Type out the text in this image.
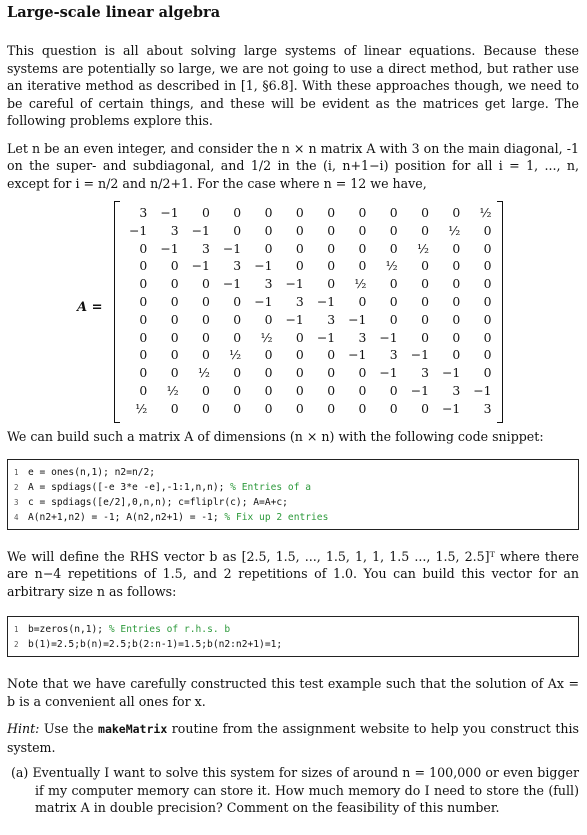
Large-scale linear algebra

This question is all about solving large systems of linear equations. Because these systems are potentially so large, we are not going to use a direct method, but rather use an iterative method as described in [1, §6.8]. With these approaches though, we need to be careful of certain things, and these will be evident as the matrices get large. The following problems explore this.

Let n be an even integer, and consider the n × n matrix A with 3 on the main diagonal, -1 on the super- and subdiagonal, and 1/2 in the (i, n+1−i) position for all i = 1, ..., n, except for i = n/2 and n/2+1. For the case where n = 12 we have,

A =
3	−1	0	0	0	0	0	0	0	0	0	½
−1	3	−1	0	0	0	0	0	0	0	½	0
0	−1	3	−1	0	0	0	0	0	½	0	0
0	0	−1	3	−1	0	0	0	½	0	0	0
0	0	0	−1	3	−1	0	½	0	0	0	0
0	0	0	0	−1	3	−1	0	0	0	0	0
0	0	0	0	0	−1	3	−1	0	0	0	0
0	0	0	0	½	0	−1	3	−1	0	0	0
0	0	0	½	0	0	0	−1	3	−1	0	0
0	0	½	0	0	0	0	0	−1	3	−1	0
0	½	0	0	0	0	0	0	0	−1	3	−1
½	0	0	0	0	0	0	0	0	0	−1	3

We can build such a matrix A of dimensions (n × n) with the following code snippet:

1 e = ones(n,1); n2=n/2;
2 A = spdiags([-e 3*e -e],-1:1,n,n); % Entries of a
3 c = spdiags([e/2],0,n,n); c=fliplr(c); A=A+c;
4 A(n2+1,n2) = -1; A(n2,n2+1) = -1; % Fix up 2 entries

We will define the RHS vector b as [2.5, 1.5, ..., 1.5, 1, 1, 1.5 ..., 1.5, 2.5]ᵀ where there are n−4 repetitions of 1.5, and 2 repetitions of 1.0. You can build this vector for an arbitrary size n as follows:

1 b=zeros(n,1); % Entries of r.h.s. b
2 b(1)=2.5;b(n)=2.5;b(2:n-1)=1.5;b(n2:n2+1)=1;

Note that we have carefully constructed this test example such that the solution of Ax = b is a convenient all ones for x.

Hint: Use the makeMatrix routine from the assignment website to help you construct this system.

(a) Eventually I want to solve this system for sizes of around n = 100,000 or even bigger if my computer memory can store it. How much memory do I need to store the (full) matrix A in double precision? Comment on the feasibility of this number.
